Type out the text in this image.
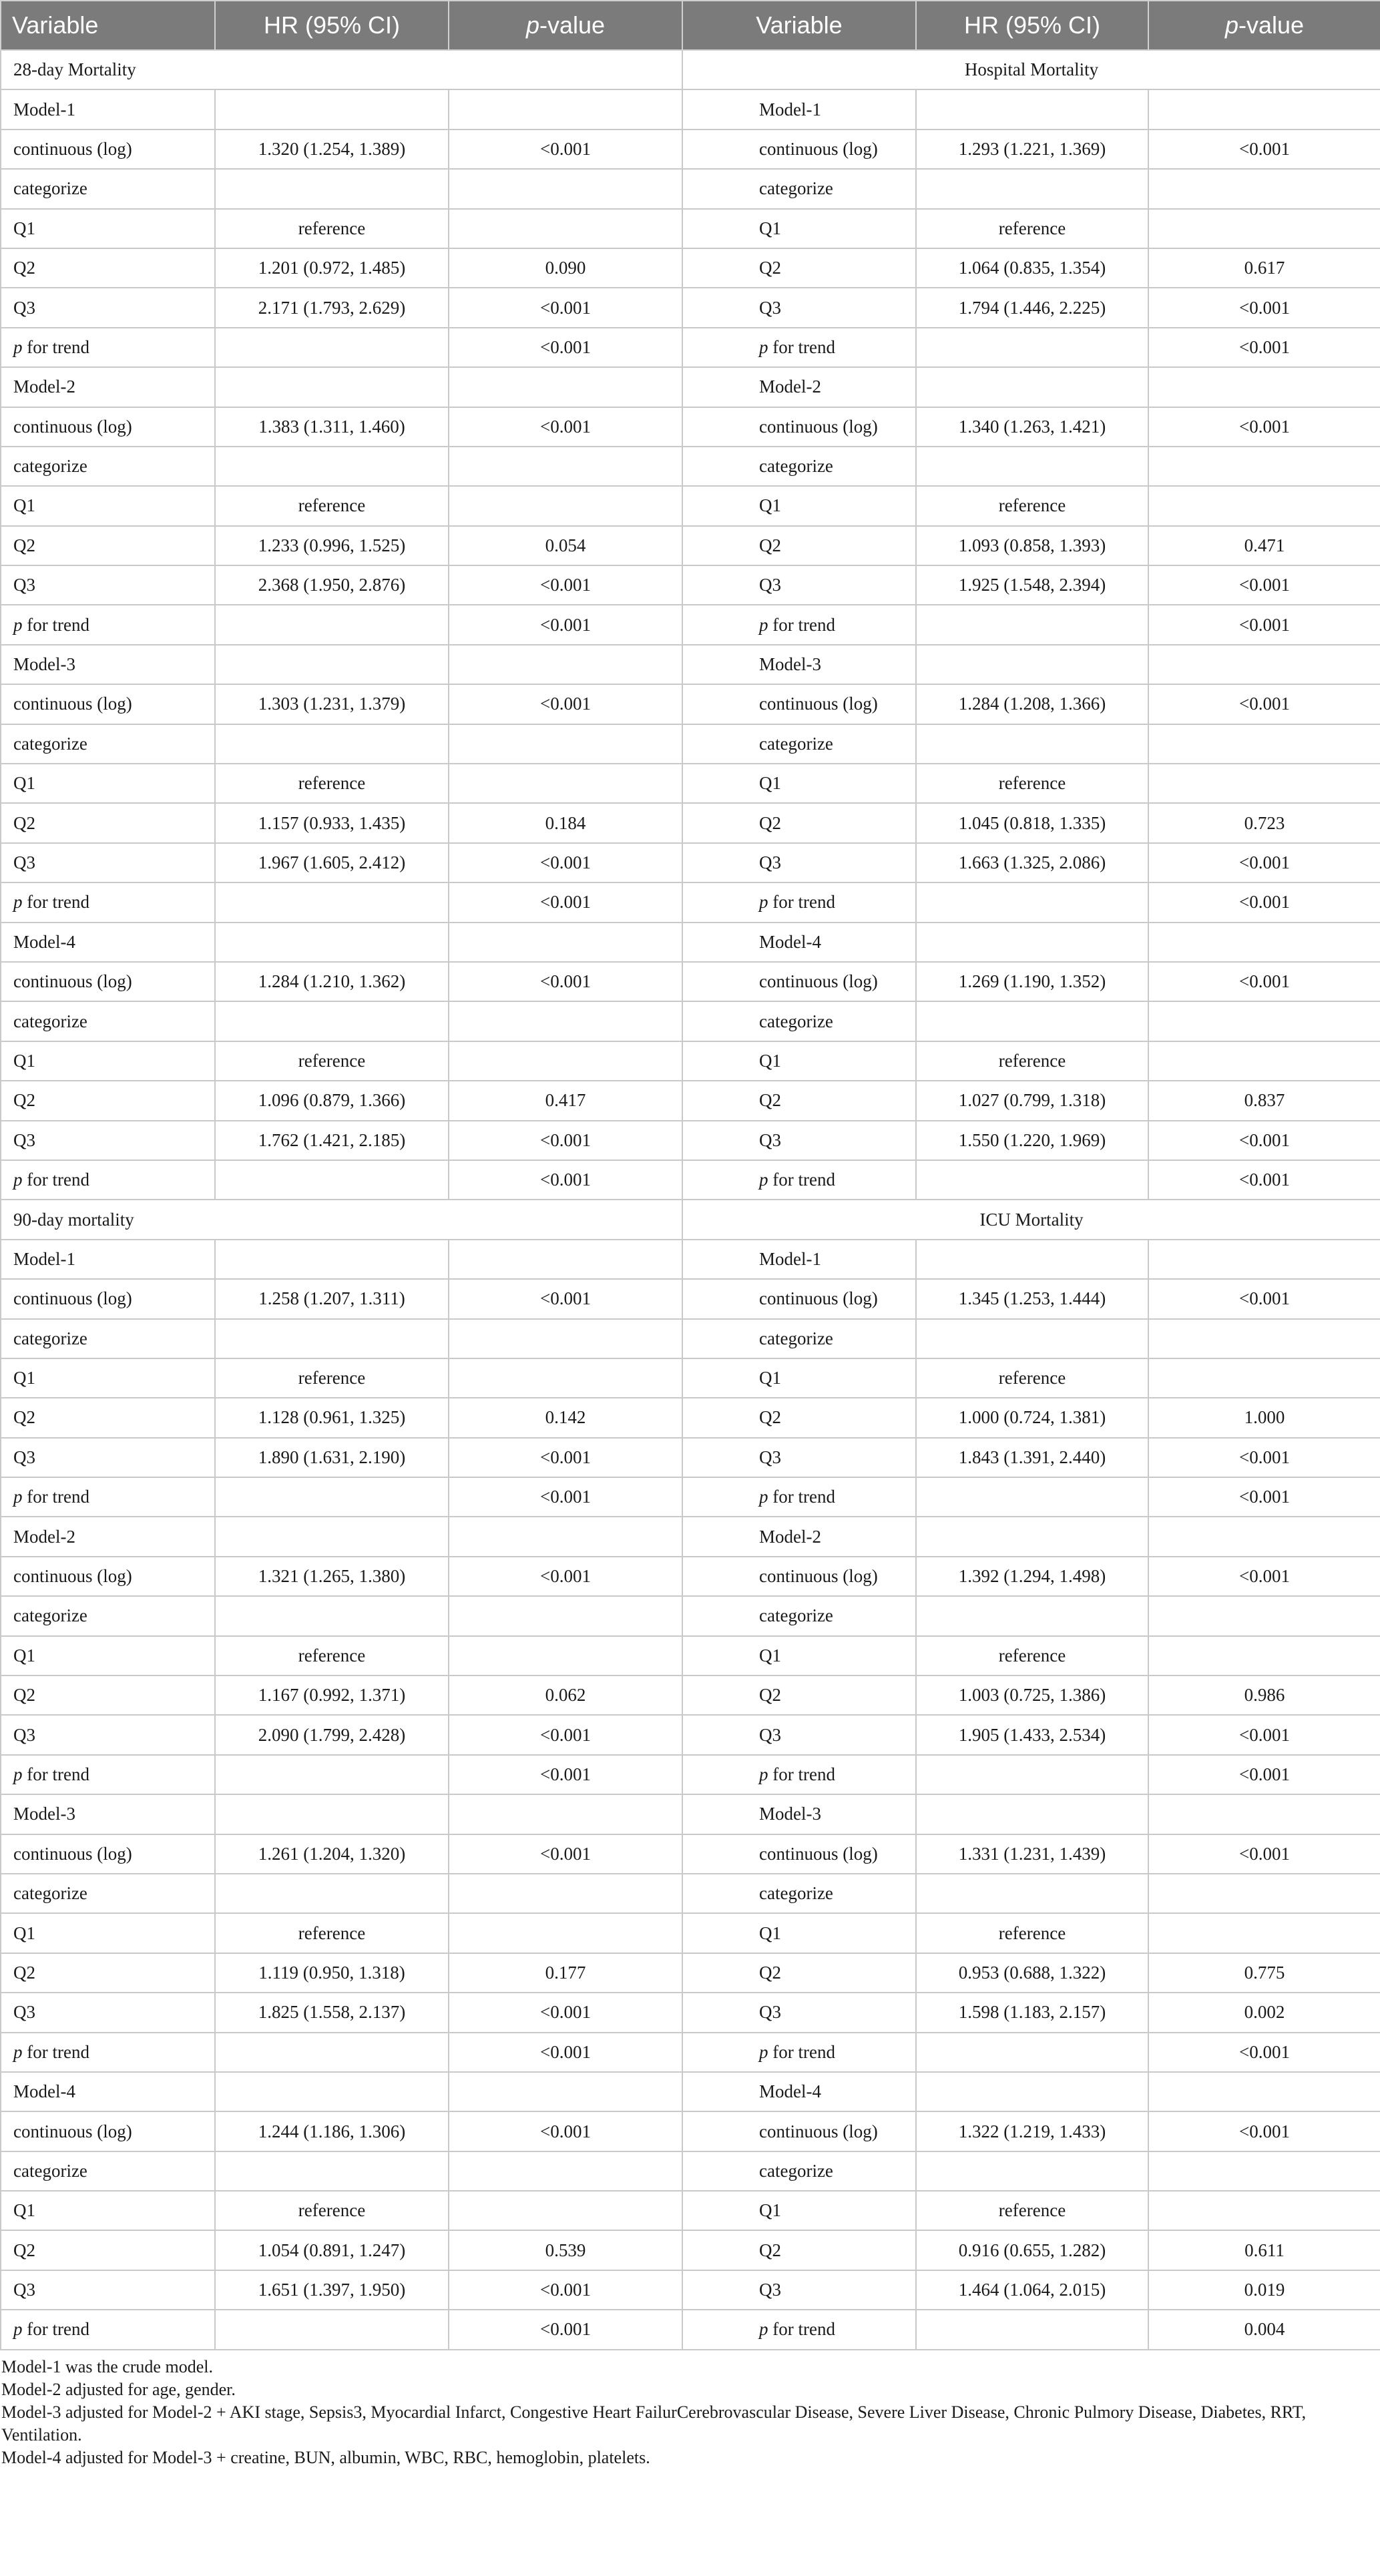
Variable	HR (95% CI)	p-value	Variable	HR (95% CI)	p-value
28-day Mortality			Hospital Mortality		
Model-1			Model-1		
continuous (log)	1.320 (1.254, 1.389)	<0.001	continuous (log)	1.293 (1.221, 1.369)	<0.001
categorize			categorize		
Q1	reference		Q1	reference	
Q2	1.201 (0.972, 1.485)	0.090	Q2	1.064 (0.835, 1.354)	0.617
Q3	2.171 (1.793, 2.629)	<0.001	Q3	1.794 (1.446, 2.225)	<0.001
p for trend		<0.001	p for trend		<0.001
Model-2			Model-2		
continuous (log)	1.383 (1.311, 1.460)	<0.001	continuous (log)	1.340 (1.263, 1.421)	<0.001
categorize			categorize		
Q1	reference		Q1	reference	
Q2	1.233 (0.996, 1.525)	0.054	Q2	1.093 (0.858, 1.393)	0.471
Q3	2.368 (1.950, 2.876)	<0.001	Q3	1.925 (1.548, 2.394)	<0.001
p for trend		<0.001	p for trend		<0.001
Model-3			Model-3		
continuous (log)	1.303 (1.231, 1.379)	<0.001	continuous (log)	1.284 (1.208, 1.366)	<0.001
categorize			categorize		
Q1	reference		Q1	reference	
Q2	1.157 (0.933, 1.435)	0.184	Q2	1.045 (0.818, 1.335)	0.723
Q3	1.967 (1.605, 2.412)	<0.001	Q3	1.663 (1.325, 2.086)	<0.001
p for trend		<0.001	p for trend		<0.001
Model-4			Model-4		
continuous (log)	1.284 (1.210, 1.362)	<0.001	continuous (log)	1.269 (1.190, 1.352)	<0.001
categorize			categorize		
Q1	reference		Q1	reference	
Q2	1.096 (0.879, 1.366)	0.417	Q2	1.027 (0.799, 1.318)	0.837
Q3	1.762 (1.421, 2.185)	<0.001	Q3	1.550 (1.220, 1.969)	<0.001
p for trend		<0.001	p for trend		<0.001
90-day mortality			ICU Mortality		
Model-1			Model-1		
continuous (log)	1.258 (1.207, 1.311)	<0.001	continuous (log)	1.345 (1.253, 1.444)	<0.001
categorize			categorize		
Q1	reference		Q1	reference	
Q2	1.128 (0.961, 1.325)	0.142	Q2	1.000 (0.724, 1.381)	1.000
Q3	1.890 (1.631, 2.190)	<0.001	Q3	1.843 (1.391, 2.440)	<0.001
p for trend		<0.001	p for trend		<0.001
Model-2			Model-2		
continuous (log)	1.321 (1.265, 1.380)	<0.001	continuous (log)	1.392 (1.294, 1.498)	<0.001
categorize			categorize		
Q1	reference		Q1	reference	
Q2	1.167 (0.992, 1.371)	0.062	Q2	1.003 (0.725, 1.386)	0.986
Q3	2.090 (1.799, 2.428)	<0.001	Q3	1.905 (1.433, 2.534)	<0.001
p for trend		<0.001	p for trend		<0.001
Model-3			Model-3		
continuous (log)	1.261 (1.204, 1.320)	<0.001	continuous (log)	1.331 (1.231, 1.439)	<0.001
categorize			categorize		
Q1	reference		Q1	reference	
Q2	1.119 (0.950, 1.318)	0.177	Q2	0.953 (0.688, 1.322)	0.775
Q3	1.825 (1.558, 2.137)	<0.001	Q3	1.598 (1.183, 2.157)	0.002
p for trend		<0.001	p for trend		<0.001
Model-4			Model-4		
continuous (log)	1.244 (1.186, 1.306)	<0.001	continuous (log)	1.322 (1.219, 1.433)	<0.001
categorize			categorize		
Q1	reference		Q1	reference	
Q2	1.054 (0.891, 1.247)	0.539	Q2	0.916 (0.655, 1.282)	0.611
Q3	1.651 (1.397, 1.950)	<0.001	Q3	1.464 (1.064, 2.015)	0.019
p for trend		<0.001	p for trend		0.004

Model-1 was the crude model.

Model-2 adjusted for age, gender.

Model-3 adjusted for Model-2 + AKI stage, Sepsis3, Myocardial Infarct, Congestive Heart FailurCerebrovascular Disease, Severe Liver Disease, Chronic Pulmory Disease, Diabetes, RRT, Ventilation.

Model-4 adjusted for Model-3 + creatine, BUN, albumin, WBC, RBC, hemoglobin, platelets.
